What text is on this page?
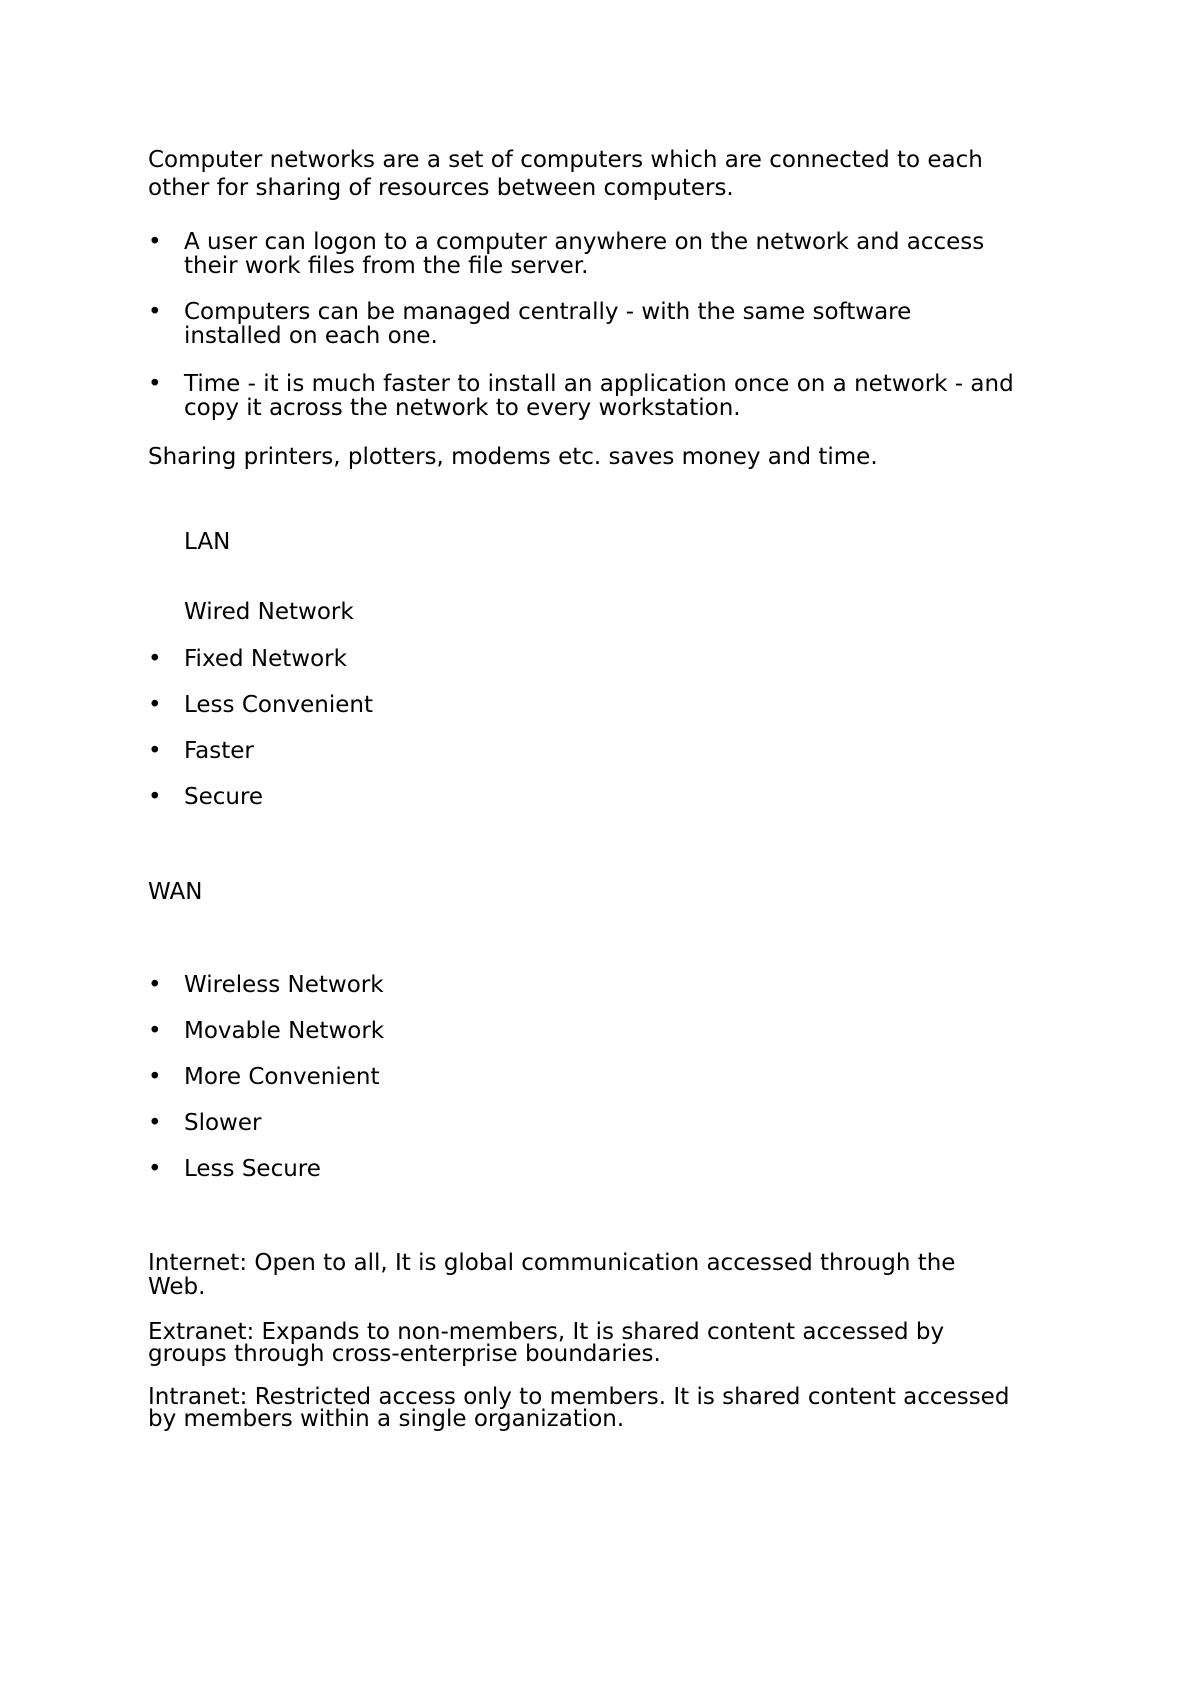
Computer networks are a set of computers which are connected to each
other for sharing of resources between computers.
• A user can logon to a computer anywhere on the network and access
their work files from the file server.
• Computers can be managed centrally - with the same software
installed on each one.
• Time - it is much faster to install an application once on a network - and
copy it across the network to every workstation.
Sharing printers, plotters, modems etc. saves money and time.
LAN
Wired Network
• Fixed Network
• Less Convenient
• Faster
• Secure
WAN
• Wireless Network
• Movable Network
• More Convenient
• Slower
• Less Secure
Internet: Open to all, It is global communication accessed through the
Web.
Extranet: Expands to non-members, It is shared content accessed by
groups through cross-enterprise boundaries.
Intranet: Restricted access only to members. It is shared content accessed
by members within a single organization.
